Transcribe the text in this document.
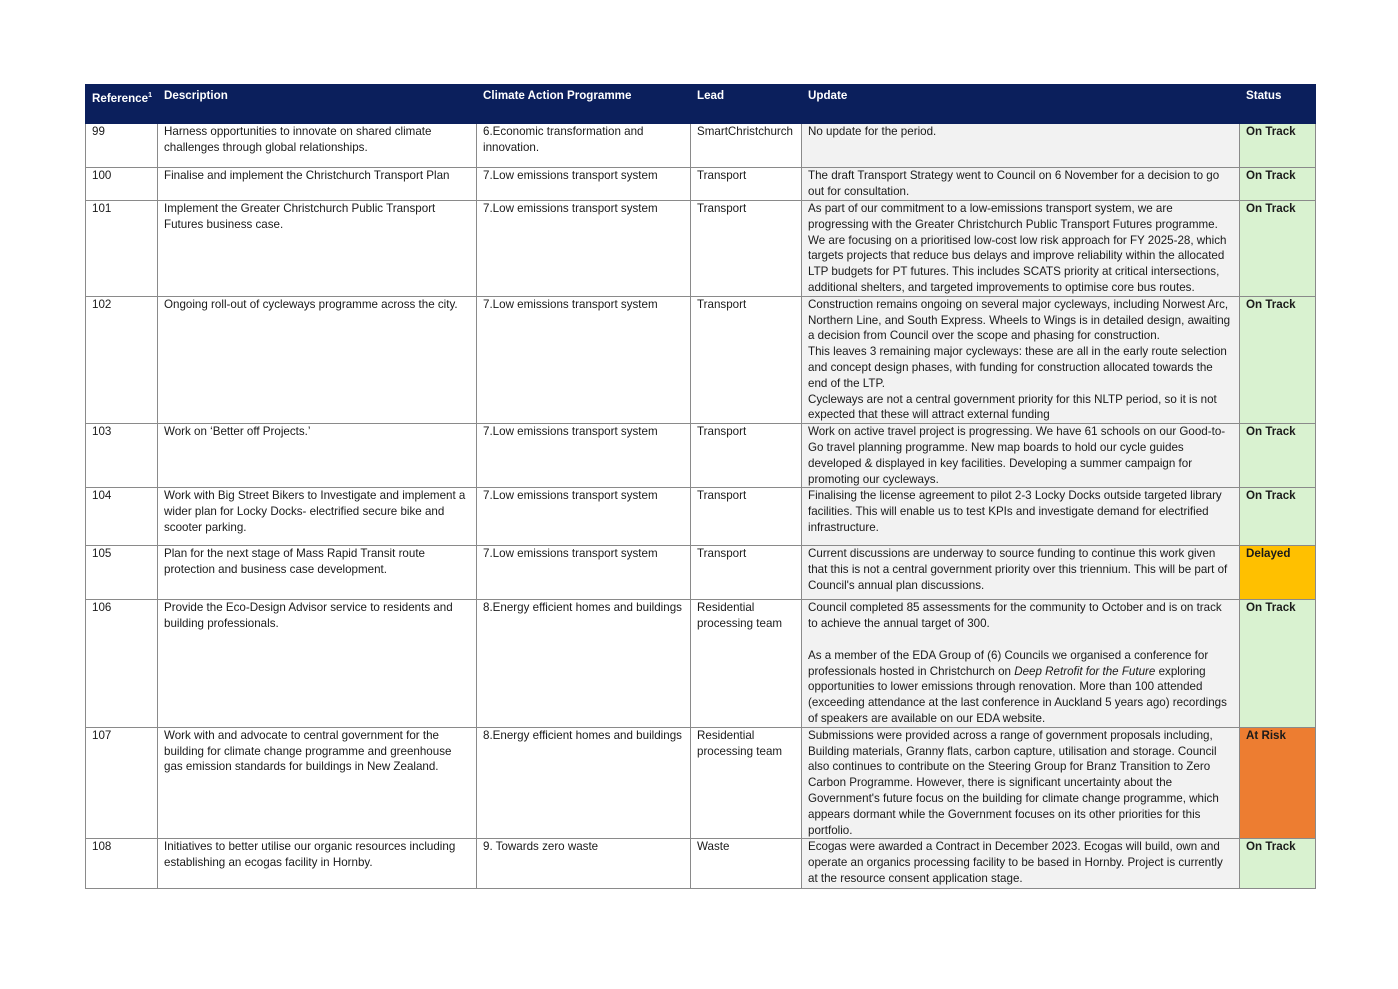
Reference$^1$	Description	Climate Action Programme	Lead	Update	Status
99	Harness opportunities to innovate on shared climate challenges through global relationships.	6.Economic transformation and innovation.	SmartChristchurch	No update for the period.	On Track
100	Finalise and implement the Christchurch Transport Plan	7.Low emissions transport system	Transport	The draft Transport Strategy went to Council on 6 November for a decision to go out for consultation.	On Track
101	Implement the Greater Christchurch Public Transport Futures business case.	7.Low emissions transport system	Transport	As part of our commitment to a low-emissions transport system, we are progressing with the Greater Christchurch Public Transport Futures programme. We are focusing on a prioritised low-cost low risk approach for FY 2025-28, which targets projects that reduce bus delays and improve reliability within the allocated LTP budgets for PT futures. This includes SCATS priority at critical intersections, additional shelters, and targeted improvements to optimise core bus routes.	On Track
102	Ongoing roll-out of cycleways programme across the city.	7.Low emissions transport system	Transport	Construction remains ongoing on several major cycleways, including Norwest Arc, Northern Line, and South Express. Wheels to Wings is in detailed design, awaiting a decision from Council over the scope and phasing for construction.
This leaves 3 remaining major cycleways: these are all in the early route selection and concept design phases, with funding for construction allocated towards the end of the LTP.
Cycleways are not a central government priority for this NLTP period, so it is not expected that these will attract external funding	On Track
103	Work on ‘Better off Projects.’	7.Low emissions transport system	Transport	Work on active travel project is progressing. We have 61 schools on our Good-to-Go travel planning programme. New map boards to hold our cycle guides developed & displayed in key facilities. Developing a summer campaign for promoting our cycleways.	On Track
104	Work with Big Street Bikers to Investigate and implement a wider plan for Locky Docks- electrified secure bike and scooter parking.	7.Low emissions transport system	Transport	Finalising the license agreement to pilot 2-3 Locky Docks outside targeted library facilities. This will enable us to test KPIs and investigate demand for electrified infrastructure.	On Track
105	Plan for the next stage of Mass Rapid Transit route protection and business case development.	7.Low emissions transport system	Transport	Current discussions are underway to source funding to continue this work given that this is not a central government priority over this triennium. This will be part of Council's annual plan discussions.	Delayed
106	Provide the Eco-Design Advisor service to residents and building professionals.	8.Energy efficient homes and buildings	Residential processing team	Council completed 85 assessments for the community to October and is on track to achieve the annual target of 300.
As a member of the EDA Group of (6) Councils we organised a conference for professionals hosted in Christchurch on Deep Retrofit for the Future exploring opportunities to lower emissions through renovation. More than 100 attended (exceeding attendance at the last conference in Auckland 5 years ago) recordings of speakers are available on our EDA website.	On Track
107	Work with and advocate to central government for the building for climate change programme and greenhouse gas emission standards for buildings in New Zealand.	8.Energy efficient homes and buildings	Residential processing team	Submissions were provided across a range of government proposals including, Building materials, Granny flats, carbon capture, utilisation and storage. Council also continues to contribute on the Steering Group for Branz Transition to Zero Carbon Programme. However, there is significant uncertainty about the Government's future focus on the building for climate change programme, which appears dormant while the Government focuses on its other priorities for this portfolio.	At Risk
108	Initiatives to better utilise our organic resources including establishing an ecogas facility in Hornby.	9. Towards zero waste	Waste	Ecogas were awarded a Contract in December 2023. Ecogas will build, own and operate an organics processing facility to be based in Hornby. Project is currently at the resource consent application stage.	On Track
